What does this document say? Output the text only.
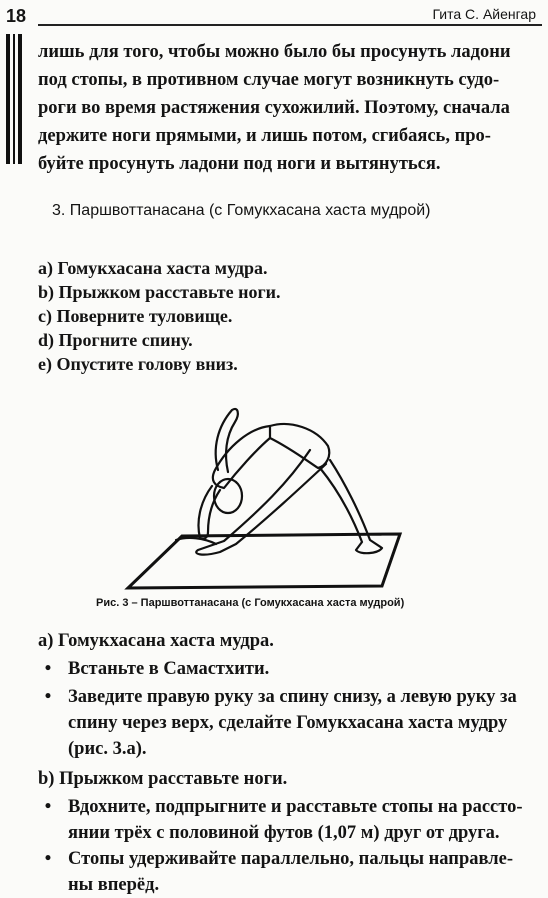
18	Гита С. Айенгар
лишь для того, чтобы можно было бы просунуть ладони
под стопы, в противном случае могут возникнуть судо-
роги во время растяжения сухожилий. Поэтому, сначала
держите ноги прямыми, и лишь потом, сгибаясь, про-
буйте просунуть ладони под ноги и вытянуться.
3. Паршвоттанасана (с Гомукхасана хаста мудрой)
a) Гомукхасана хаста мудра.
b) Прыжком расставьте ноги.
c) Поверните туловище.
d) Прогните спину.
e) Опустите голову вниз.
Рис. 3 – Паршвоттанасана (с Гомукхасана хаста мудрой)
a) Гомукхасана хаста мудра.
• Встаньте в Самастхити.
• Заведите правую руку за спину снизу, а левую руку за
спину через верх, сделайте Гомукхасана хаста мудру
(рис. 3.a).
b) Прыжком расставьте ноги.
• Вдохните, подпрыгните и расставьте стопы на рассто-
янии трёх с половиной футов (1,07 м) друг от друга.
• Стопы удерживайте параллельно, пальцы направле-
ны вперёд.
